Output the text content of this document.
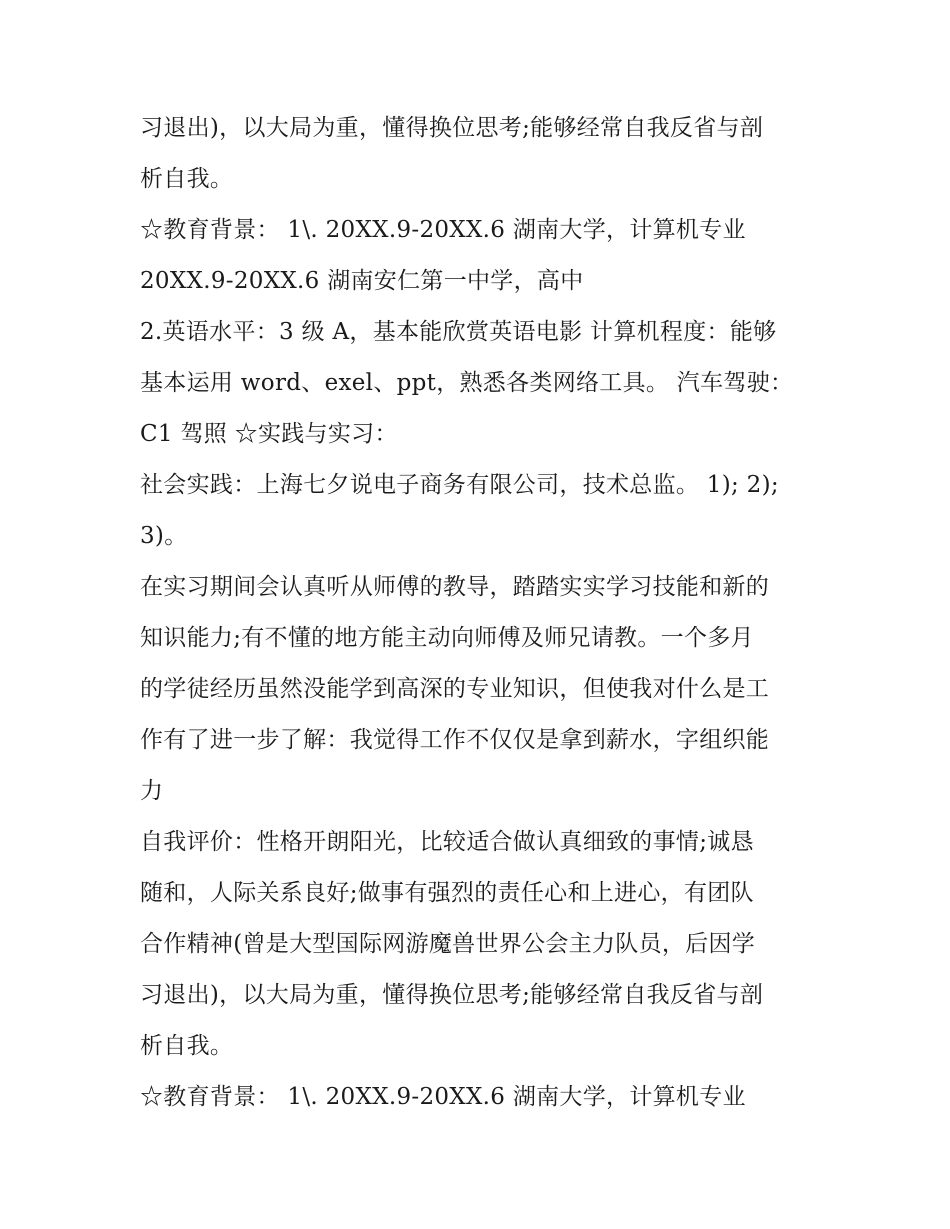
习退出)，以大局为重，懂得换位思考;能够经常自我反省与剖
析自我。
☆教育背景： 1\. 20XX.9-20XX.6 湖南大学，计算机专业
20XX.9-20XX.6 湖南安仁第一中学，高中
2.英语水平：3 级 A，基本能欣赏英语电影 计算机程度：能够
基本运用 word、exel、ppt，熟悉各类网络工具。 汽车驾驶：
C1 驾照 ☆实践与实习：
社会实践：上海七夕说电子商务有限公司，技术总监。 1); 2);
3)。
在实习期间会认真听从师傅的教导，踏踏实实学习技能和新的
知识能力;有不懂的地方能主动向师傅及师兄请教。一个多月
的学徒经历虽然没能学到高深的专业知识，但使我对什么是工
作有了进一步了解：我觉得工作不仅仅是拿到薪水，字组织能
力
自我评价：性格开朗阳光，比较适合做认真细致的事情;诚恳
随和，人际关系良好;做事有强烈的责任心和上进心，有团队
合作精神(曾是大型国际网游魔兽世界公会主力队员，后因学
习退出)，以大局为重，懂得换位思考;能够经常自我反省与剖
析自我。
☆教育背景： 1\. 20XX.9-20XX.6 湖南大学，计算机专业
